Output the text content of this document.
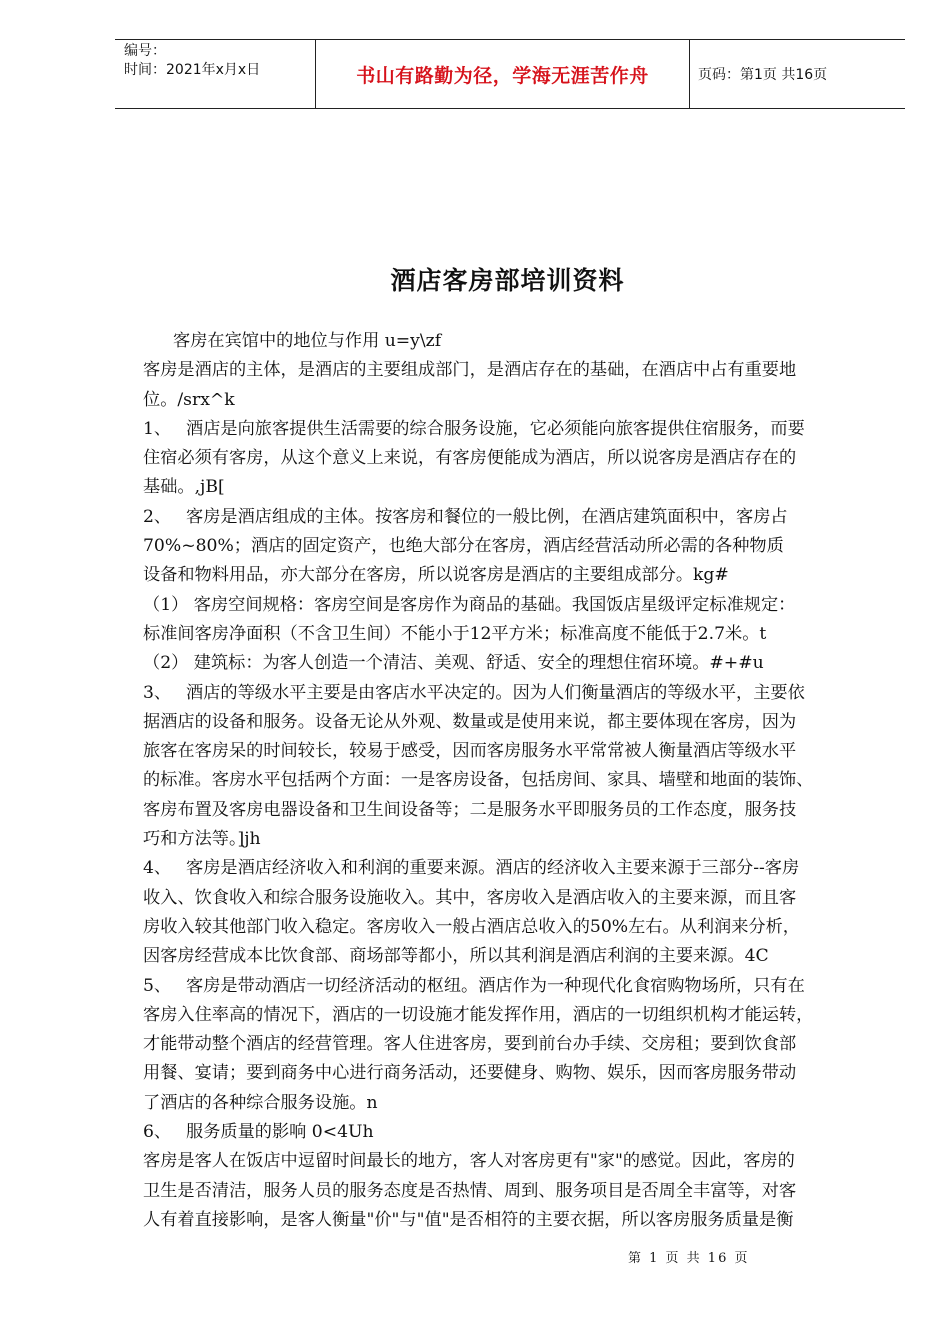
编号：
时间：2021年x月x日	书山有路勤为径，学海无涯苦作舟	页码：第1页 共16页
酒店客房部培训资料

客房在宾馆中的地位与作用 u=y\zf

客房是酒店的主体，是酒店的主要组成部门，是酒店存在的基础，在酒店中占有重要地

位。/srx^k

1、 酒店是向旅客提供生活需要的综合服务设施，它必须能向旅客提供住宿服务，而要

住宿必须有客房，从这个意义上来说，有客房便能成为酒店，所以说客房是酒店存在的

基础。,jB[

2、 客房是酒店组成的主体。按客房和餐位的一般比例，在酒店建筑面积中，客房占

70%~80%；酒店的固定资产，也绝大部分在客房，酒店经营活动所必需的各种物质

设备和物料用品，亦大部分在客房，所以说客房是酒店的主要组成部分。kg#

（1） 客房空间规格：客房空间是客房作为商品的基础。我国饭店星级评定标准规定：

标准间客房净面积（不含卫生间）不能小于12平方米；标准高度不能低于2.7米。t

（2） 建筑标：为客人创造一个清洁、美观、舒适、安全的理想住宿环境。#+#u

3、 酒店的等级水平主要是由客店水平决定的。因为人们衡量酒店的等级水平，主要依

据酒店的设备和服务。设备无论从外观、数量或是使用来说，都主要体现在客房，因为

旅客在客房呆的时间较长，较易于感受，因而客房服务水平常常被人衡量酒店等级水平

的标准。客房水平包括两个方面：一是客房设备，包括房间、家具、墙壁和地面的装饰、

客房布置及客房电器设备和卫生间设备等；二是服务水平即服务员的工作态度，服务技

巧和方法等。]jh

4、 客房是酒店经济收入和利润的重要来源。酒店的经济收入主要来源于三部分--客房

收入、饮食收入和综合服务设施收入。其中，客房收入是酒店收入的主要来源，而且客

房收入较其他部门收入稳定。客房收入一般占酒店总收入的50%左右。从利润来分析，

因客房经营成本比饮食部、商场部等都小，所以其利润是酒店利润的主要来源。4C

5、 客房是带动酒店一切经济活动的枢纽。酒店作为一种现代化食宿购物场所，只有在

客房入住率高的情况下，酒店的一切设施才能发挥作用，酒店的一切组织机构才能运转，

才能带动整个酒店的经营管理。客人住进客房，要到前台办手续、交房租；要到饮食部

用餐、宴请；要到商务中心进行商务活动，还要健身、购物、娱乐，因而客房服务带动

了酒店的各种综合服务设施。n

6、 服务质量的影响 0<4Uh

客房是客人在饭店中逗留时间最长的地方，客人对客房更有"家"的感觉。因此，客房的

卫生是否清洁，服务人员的服务态度是否热情、周到、服务项目是否周全丰富等，对客

人有着直接影响，是客人衡量"价"与"值"是否相符的主要衣据，所以客房服务质量是衡

第 1 页 共 16 页
